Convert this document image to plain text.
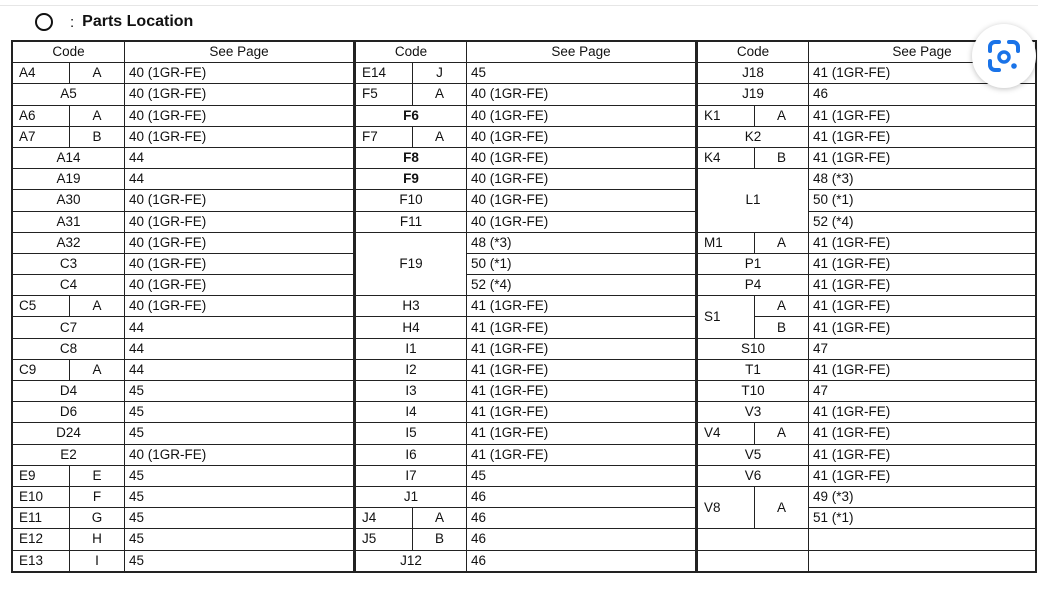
: Parts Location
Code		See Page
A4	A	40 (1GR-FE)
A5		40 (1GR-FE)
A6	A	40 (1GR-FE)
A7	B	40 (1GR-FE)
A14		44
A19		44
A30		40 (1GR-FE)
A31		40 (1GR-FE)
A32		40 (1GR-FE)
C3		40 (1GR-FE)
C4		40 (1GR-FE)
C5	A	40 (1GR-FE)
C7		44
C8		44
C9	A	44
D4		45
D6		45
D24		45
E2		40 (1GR-FE)
E9	E	45
E10	F	45
E11	G	45
E12	H	45
E13	I	45
Code		See Page
E14	J	45
F5	A	40 (1GR-FE)
F6		40 (1GR-FE)
F7	A	40 (1GR-FE)
F8		40 (1GR-FE)
F9		40 (1GR-FE)
F10		40 (1GR-FE)
F11		40 (1GR-FE)
F19		48 (*3)
		50 (*1)
		52 (*4)
H3		41 (1GR-FE)
H4		41 (1GR-FE)
I1		41 (1GR-FE)
I2		41 (1GR-FE)
I3		41 (1GR-FE)
I4		41 (1GR-FE)
I5		41 (1GR-FE)
I6		41 (1GR-FE)
I7		45
J1		46
J4	A	46
J5	B	46
J12		46
Code		See Page
J18		41 (1GR-FE)
J19		46
K1	A	41 (1GR-FE)
K2		41 (1GR-FE)
K4	B	41 (1GR-FE)
L1		48 (*3)
		50 (*1)
		52 (*4)
M1	A	41 (1GR-FE)
P1		41 (1GR-FE)
P4		41 (1GR-FE)
S1	A	41 (1GR-FE)
	B	41 (1GR-FE)
S10		47
T1		41 (1GR-FE)
T10		47
V3		41 (1GR-FE)
V4	A	41 (1GR-FE)
V5		41 (1GR-FE)
V6		41 (1GR-FE)
V8	A	49 (*3)
		51 (*1)
